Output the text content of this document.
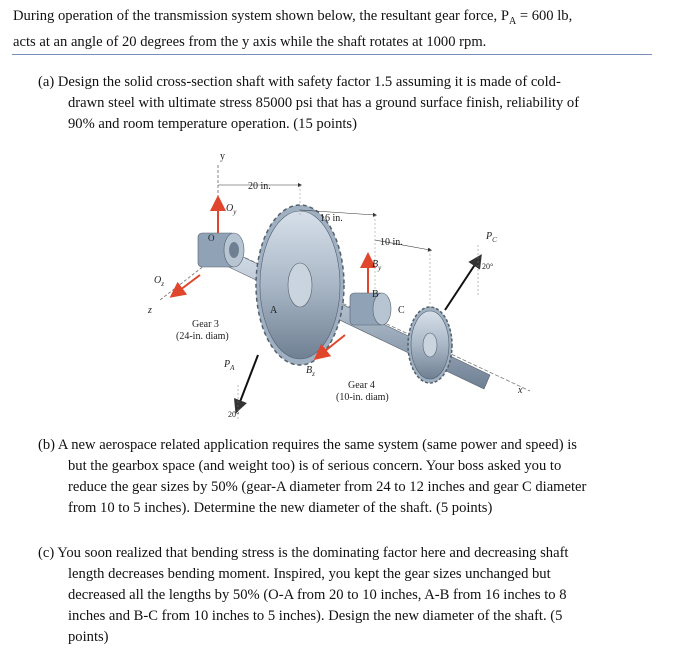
During operation of the transmission system shown below, the resultant gear force, $P_A = 600$ lb,
acts at an angle of 20 degrees from the y axis while the shaft rotates at 1000 rpm.

(a) Design the solid cross-section shaft with safety factor 1.5 assuming it is made of cold-
drawn steel with ultimate stress 85000 psi that has a ground surface finish, reliability of
90% and room temperature operation. (15 points)

y
z
x
20 in.
16 in.
10 in.
O
A
B
C
$O_y$
$O_z$
$B_y$
$B_z$
$P_A$
$P_C$
20°
20°
Gear 3
(24-in. diam)
Gear 4
(10-in. diam)

(b) A new aerospace related application requires the same system (same power and speed) is
but the gearbox space (and weight too) is of serious concern. Your boss asked you to
reduce the gear sizes by 50% (gear-A diameter from 24 to 12 inches and gear C diameter
from 10 to 5 inches). Determine the new diameter of the shaft. (5 points)

(c) You soon realized that bending stress is the dominating factor here and decreasing shaft
length decreases bending moment. Inspired, you kept the gear sizes unchanged but
decreased all the lengths by 50% (O-A from 20 to 10 inches, A-B from 16 inches to 8
inches and B-C from 10 inches to 5 inches). Design the new diameter of the shaft. (5
points)
